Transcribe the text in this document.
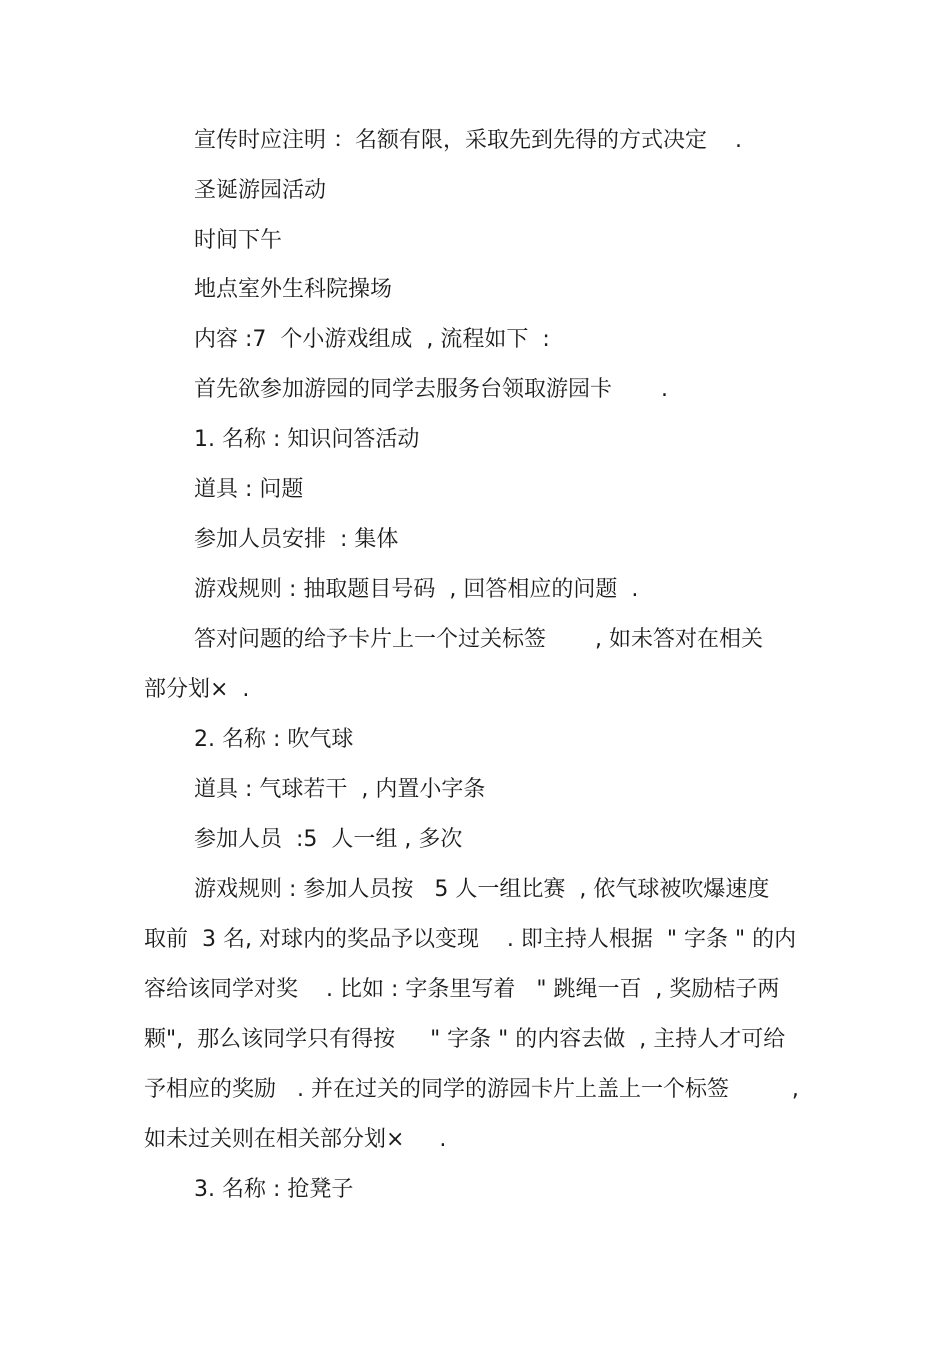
宣传时应注明 ：名额有限，采取先到先得的方式决定    .
圣诞游园活动
时间下午
地点室外生科院操场
内容 :7  个小游戏组成  , 流程如下  :
首先欲参加游园的同学去服务台领取游园卡       .
1. 名称 : 知识问答活动
道具 : 问题
参加人员安排  : 集体
游戏规则 : 抽取题目号码  , 回答相应的问题  .
答对问题的给予卡片上一个过关标签       , 如未答对在相关
部分划×  .
2. 名称 : 吹气球
道具 : 气球若干  , 内置小字条
参加人员  :5  人一组 , 多次
游戏规则 : 参加人员按   5 人一组比赛  , 依气球被吹爆速度
取前  3 名, 对球内的奖品予以变现    . 即主持人根据  " 字条 " 的内
容给该同学对奖    . 比如 : 字条里写着   " 跳绳一百  , 奖励桔子两
颗",  那么该同学只有得按     " 字条 " 的内容去做  , 主持人才可给
予相应的奖励   . 并在过关的同学的游园卡片上盖上一个标签         ,
如未过关则在相关部分划×     .
3. 名称 : 抢凳子
